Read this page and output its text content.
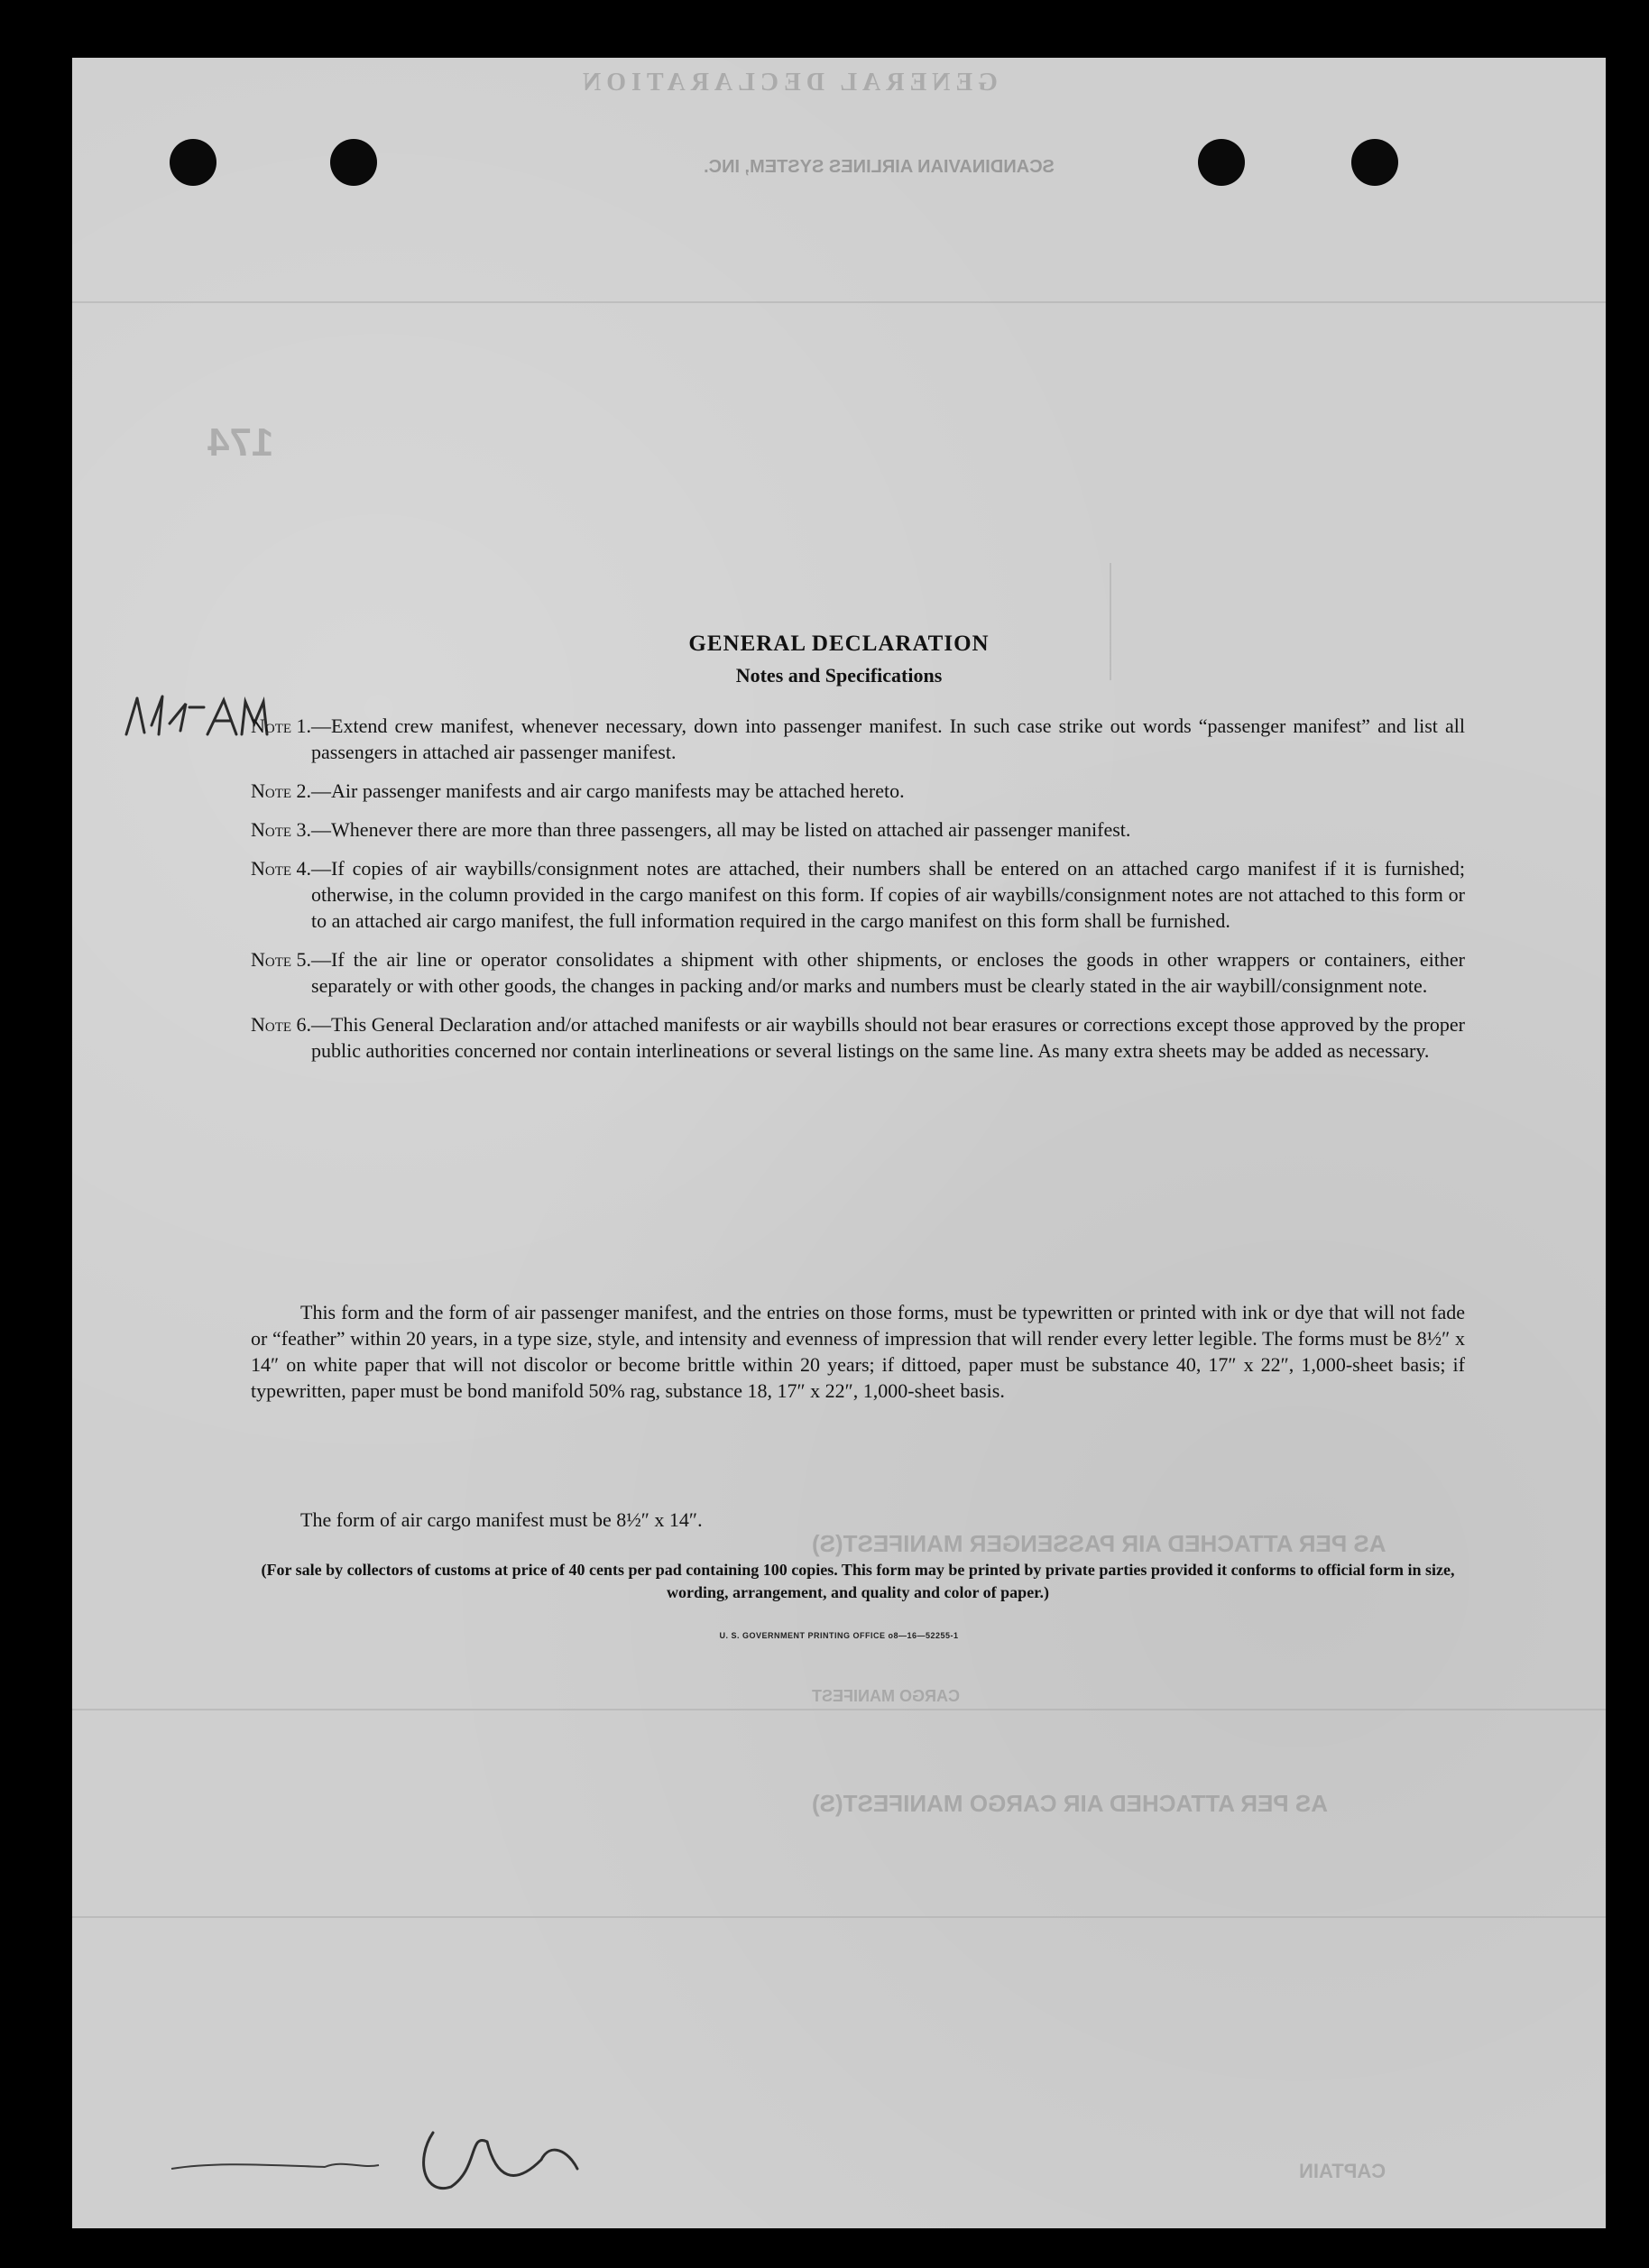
GENERAL DECLARATION
SCANDINAVIAN AIRLINES SYSTEM, INC.
174
AS PER ATTACHED AIR PASSENGER MANIFEST(S)
CARGO MANIFEST
AS PER ATTACHED AIR CARGO MANIFEST(S)
CAPTAIN
11:44 AM
GENERAL DECLARATION
Notes and Specifications
Note 1. —Extend crew manifest, whenever necessary, down into passenger manifest. In such case strike out words “passenger manifest” and list all passengers in attached air passenger manifest.
Note 2. —Air passenger manifests and air cargo manifests may be attached hereto.
Note 3. —Whenever there are more than three passengers, all may be listed on attached air passenger manifest.
Note 4. —If copies of air waybills/consignment notes are attached, their numbers shall be entered on an attached cargo manifest if it is furnished; otherwise, in the column provided in the cargo manifest on this form. If copies of air waybills/consignment notes are not attached to this form or to an attached air cargo manifest, the full information required in the cargo manifest on this form shall be furnished.
Note 5. —If the air line or operator consolidates a shipment with other shipments, or encloses the goods in other wrappers or containers, either separately or with other goods, the changes in packing and/or marks and numbers must be clearly stated in the air waybill/consignment note.
Note 6. —This General Declaration and/or attached manifests or air waybills should not bear erasures or corrections except those approved by the proper public authorities concerned nor contain interlineations or several listings on the same line. As many extra sheets may be added as necessary.
This form and the form of air passenger manifest, and the entries on those forms, must be typewritten or printed with ink or dye that will not fade or “feather” within 20 years, in a type size, style, and intensity and evenness of impression that will render every letter legible. The forms must be 8½″ x 14″ on white paper that will not discolor or become brittle within 20 years; if dittoed, paper must be substance 40, 17″ x 22″, 1,000-sheet basis; if typewritten, paper must be bond manifold 50% rag, substance 18, 17″ x 22″, 1,000-sheet basis.
The form of air cargo manifest must be 8½″ x 14″.
(For sale by collectors of customs at price of 40 cents per pad containing 100 copies. This form may be printed by private parties provided it conforms to official form in size, wording, arrangement, and quality and color of paper.)
U. S. GOVERNMENT PRINTING OFFICE o8—16—52255-1
